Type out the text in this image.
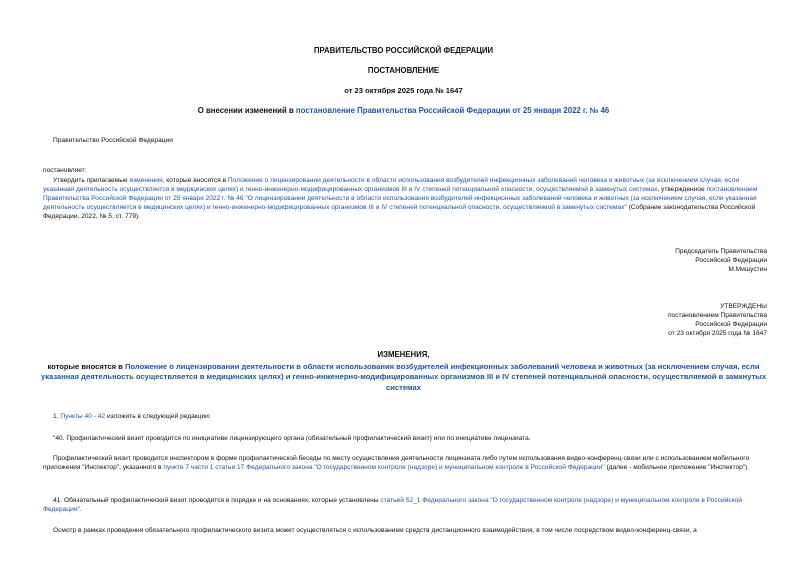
ПРАВИТЕЛЬСТВО РОССИЙСКОЙ ФЕДЕРАЦИИ
ПОСТАНОВЛЕНИЕ
от 23 октября 2025 года № 1647
О внесении изменений в постановление Правительства Российской Федерации от 25 января 2022 г. № 46
Правительство Российской Федерации
постановляет:
Утвердить прилагаемые изменения, которые вносятся в Положение о лицензировании деятельности в области использования возбудителей инфекционных заболеваний человека и животных (за исключением случая, если указанная деятельность осуществляется в медицинских целях) и генно-инженерно-модифицированных организмов III и IV степеней потенциальной опасности, осуществляемой в замкнутых системах, утвержденное постановлением Правительства Российской Федерации от 25 января 2022 г. № 46 "О лицензировании деятельности в области использования возбудителей инфекционных заболеваний человека и животных (за исключением случая, если указанная деятельность осуществляется в медицинских целях) и генно-инженерно-модифицированных организмов III и IV степеней потенциальной опасности, осуществляемой в замкнутых системах" (Собрание законодательства Российской Федерации, 2022, № 5, ст. 779).
Председатель Правительства
Российской Федерации
М.Мишустин
УТВЕРЖДЕНЫ
постановлением Правительства
Российской Федерации
от 23 октября 2025 года № 1647
ИЗМЕНЕНИЯ,
которые вносятся в Положение о лицензировании деятельности в области использования возбудителей инфекционных заболеваний человека и животных (за исключением случая, если указанная деятельность осуществляется в медицинских целях) и генно-инженерно-модифицированных организмов III и IV степеней потенциальной опасности, осуществляемой в замкнутых системах
1. Пункты 40 - 42 изложить в следующей редакции:
"40. Профилактический визит проводится по инициативе лицензирующего органа (обязательный профилактический визит) или по инициативе лицензиата.
Профилактический визит проводится инспектором в форме профилактической беседы по месту осуществления деятельности лицензиата либо путем использования видео-конференц-связи или с использованием мобильного приложения "Инспектор", указанного в пункте 7 части 1 статьи 17 Федерального закона "О государственном контроле (надзоре) и муниципальном контроле в Российской Федерации" (далее - мобильное приложение "Инспектор").
41. Обязательный профилактический визит проводится в порядке и на основаниях, которые установлены статьей 52_1 Федерального закона "О государственном контроле (надзоре) и муниципальном контроле в Российской Федерации".
Осмотр в рамках проведения обязательного профилактического визита может осуществляться с использованием средств дистанционного взаимодействия, в том числе посредством видео-конференц-связи, а
